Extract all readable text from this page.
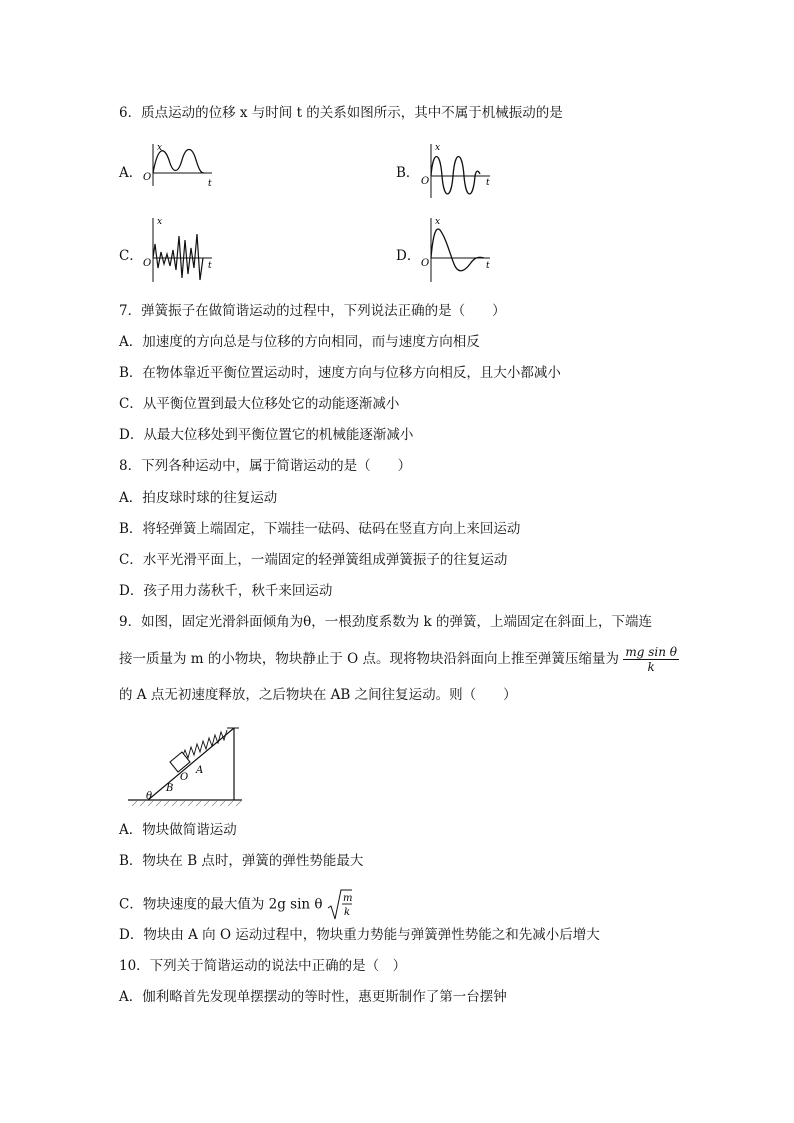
6．质点运动的位移 x 与时间 t 的关系如图所示，其中不属于机械振动的是
A．
x
O
t
B．
x
O	t
C．
x
O	t
D．
x
O	t
7．弹簧振子在做简谐运动的过程中，下列说法正确的是（　　）
A．加速度的方向总是与位移的方向相同，而与速度方向相反
B．在物体靠近平衡位置运动时，速度方向与位移方向相反，且大小都减小
C．从平衡位置到最大位移处它的动能逐渐减小
D．从最大位移处到平衡位置它的机械能逐渐减小
8．下列各种运动中，属于简谐运动的是（　　）
A．拍皮球时球的往复运动
B．将轻弹簧上端固定，下端挂一砝码、砝码在竖直方向上来回运动
C．水平光滑平面上，一端固定的轻弹簧组成弹簧振子的往复运动
D．孩子用力荡秋千，秋千来回运动
9．如图，固定光滑斜面倾角为θ，一根劲度系数为 k 的弹簧，上端固定在斜面上，下端连
接一质量为 m 的小物块，物块静止于 O 点。现将物块沿斜面向上推至弹簧压缩量为 $\frac{\text{mg sin θ}}{k}$
的 A 点无初速度释放，之后物块在 AB 之间往复运动。则（　　）
θ
B
O
A
A．物块做简谐运动
B．物块在 B 点时，弹簧的弹性势能最大
C．物块速度的最大值为 2g sin θ m
k
D．物块由 A 向 O 运动过程中，物块重力势能与弹簧弹性势能之和先减小后增大
10．下列关于简谐运动的说法中正确的是（　）
A．伽利略首先发现单摆摆动的等时性，惠更斯制作了第一台摆钟
